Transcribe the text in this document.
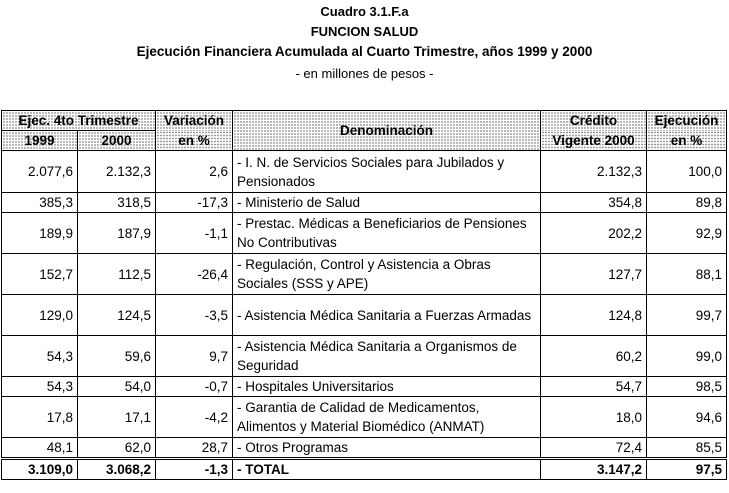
Cuadro 3.1.F.a
FUNCION SALUD
Ejecución Financiera Acumulada al Cuarto Trimestre, años 1999 y 2000
- en millones de pesos -
Ejec. 4to Trimestre		Variación	Denominación	Crédito	Ejecución
1999	2000	en %		Vigente 2000	en %
2.077,6	2.132,3	2,6	- I. N. de Servicios Sociales para Jubilados y Pensionados	2.132,3	100,0
385,3	318,5	-17,3	- Ministerio de Salud	354,8	89,8
189,9	187,9	-1,1	- Prestac. Médicas a Beneficiarios de Pensiones No Contributivas	202,2	92,9
152,7	112,5	-26,4	- Regulación, Control y Asistencia a Obras Sociales (SSS y APE)	127,7	88,1
129,0	124,5	-3,5	- Asistencia Médica Sanitaria a Fuerzas Armadas	124,8	99,7
54,3	59,6	9,7	- Asistencia Médica Sanitaria a Organismos de Seguridad	60,2	99,0
54,3	54,0	-0,7	- Hospitales Universitarios	54,7	98,5
17,8	17,1	-4,2	- Garantia de Calidad de Medicamentos, Alimentos y Material Biomédico (ANMAT)	18,0	94,6
48,1	62,0	28,7	- Otros Programas	72,4	85,5
3.109,0	3.068,2	-1,3	- TOTAL	3.147,2	97,5
